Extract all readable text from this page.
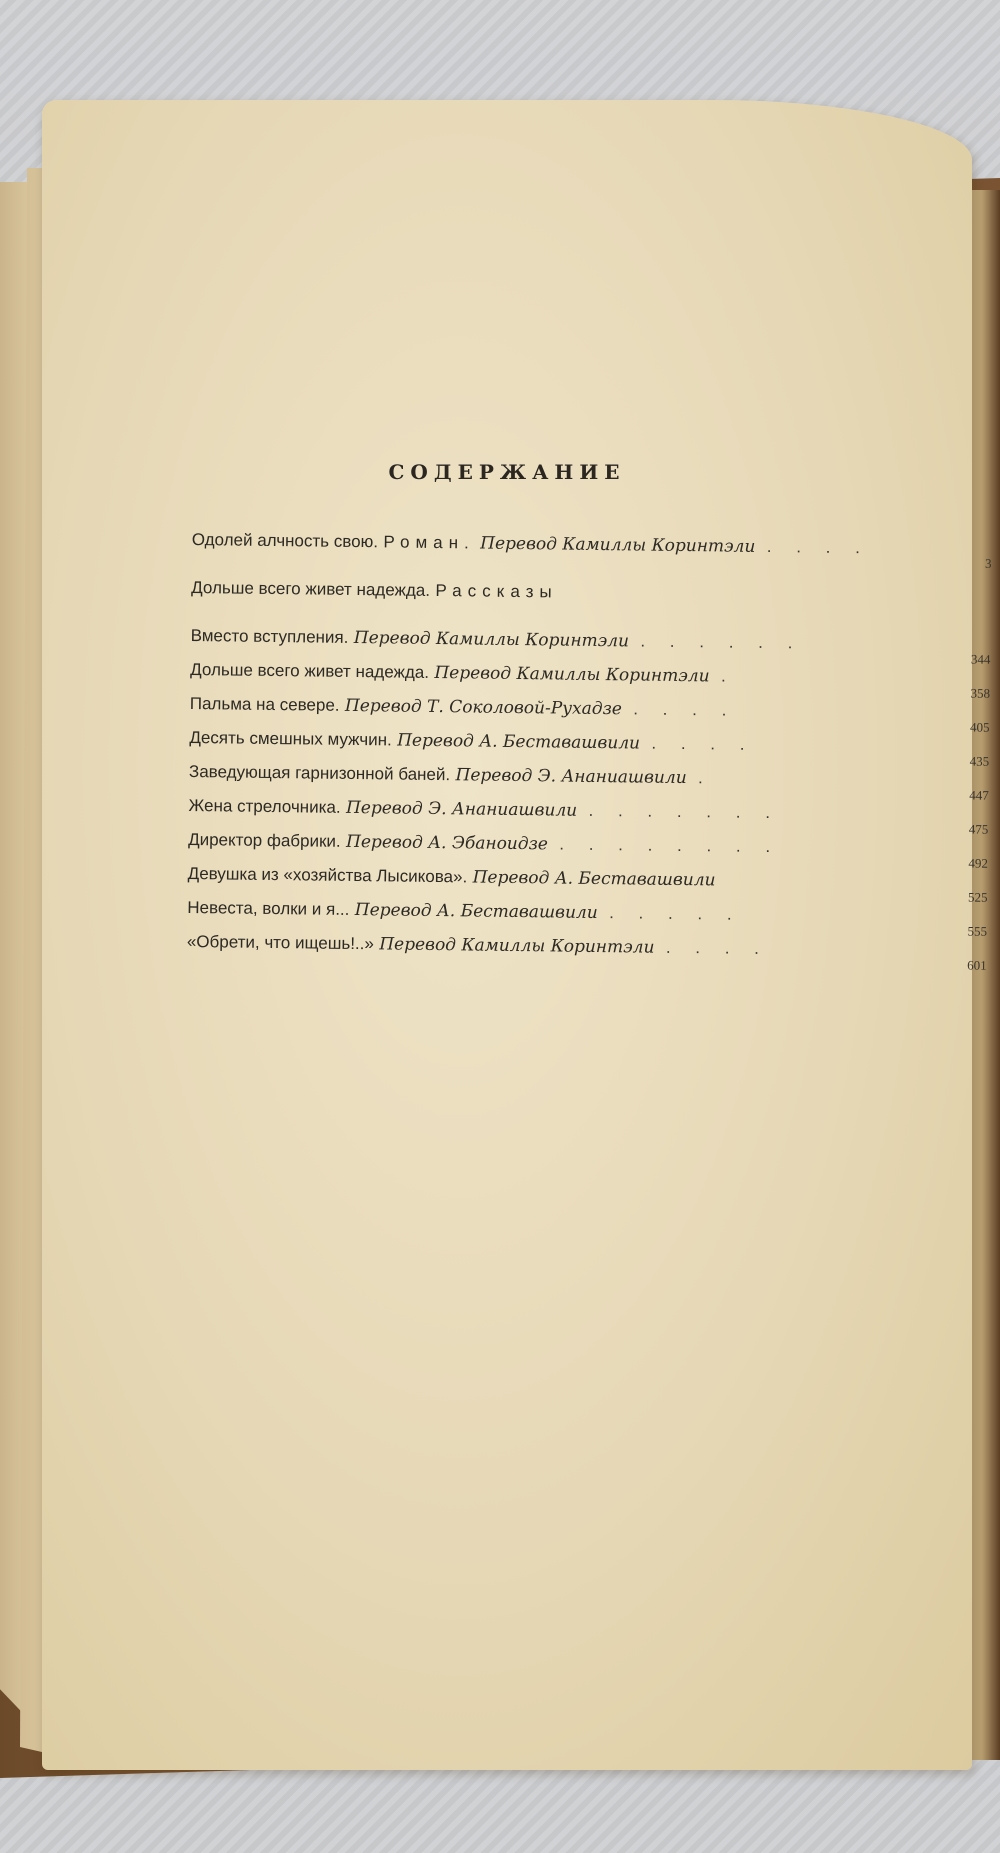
СОДЕРЖАНИЕ
Одолей алчность свою. Роман. Перевод Камиллы Коринтэли . . . .
3
Дольше всего живет надежда. Рассказы
Вместо вступления. Перевод Камиллы Коринтэли . . . . . .
344
Дольше всего живет надежда. Перевод Камиллы Коринтэли .
358
Пальма на севере. Перевод Т. Соколовой-Рухадзе . . . .
405
Десять смешных мужчин. Перевод А. Беставашвили . . . .
435
Заведующая гарнизонной баней. Перевод Э. Ананиашвили .
447
Жена стрелочника. Перевод Э. Ананиашвили . . . . . . .
475
Директор фабрики. Перевод А. Эбаноидзе . . . . . . . .
492
Девушка из «хозяйства Лысикова». Перевод А. Беставашвили
525
Невеста, волки и я... Перевод А. Беставашвили . . . . .
555
«Обрети, что ищешь!..» Перевод Камиллы Коринтэли . . . .
601
